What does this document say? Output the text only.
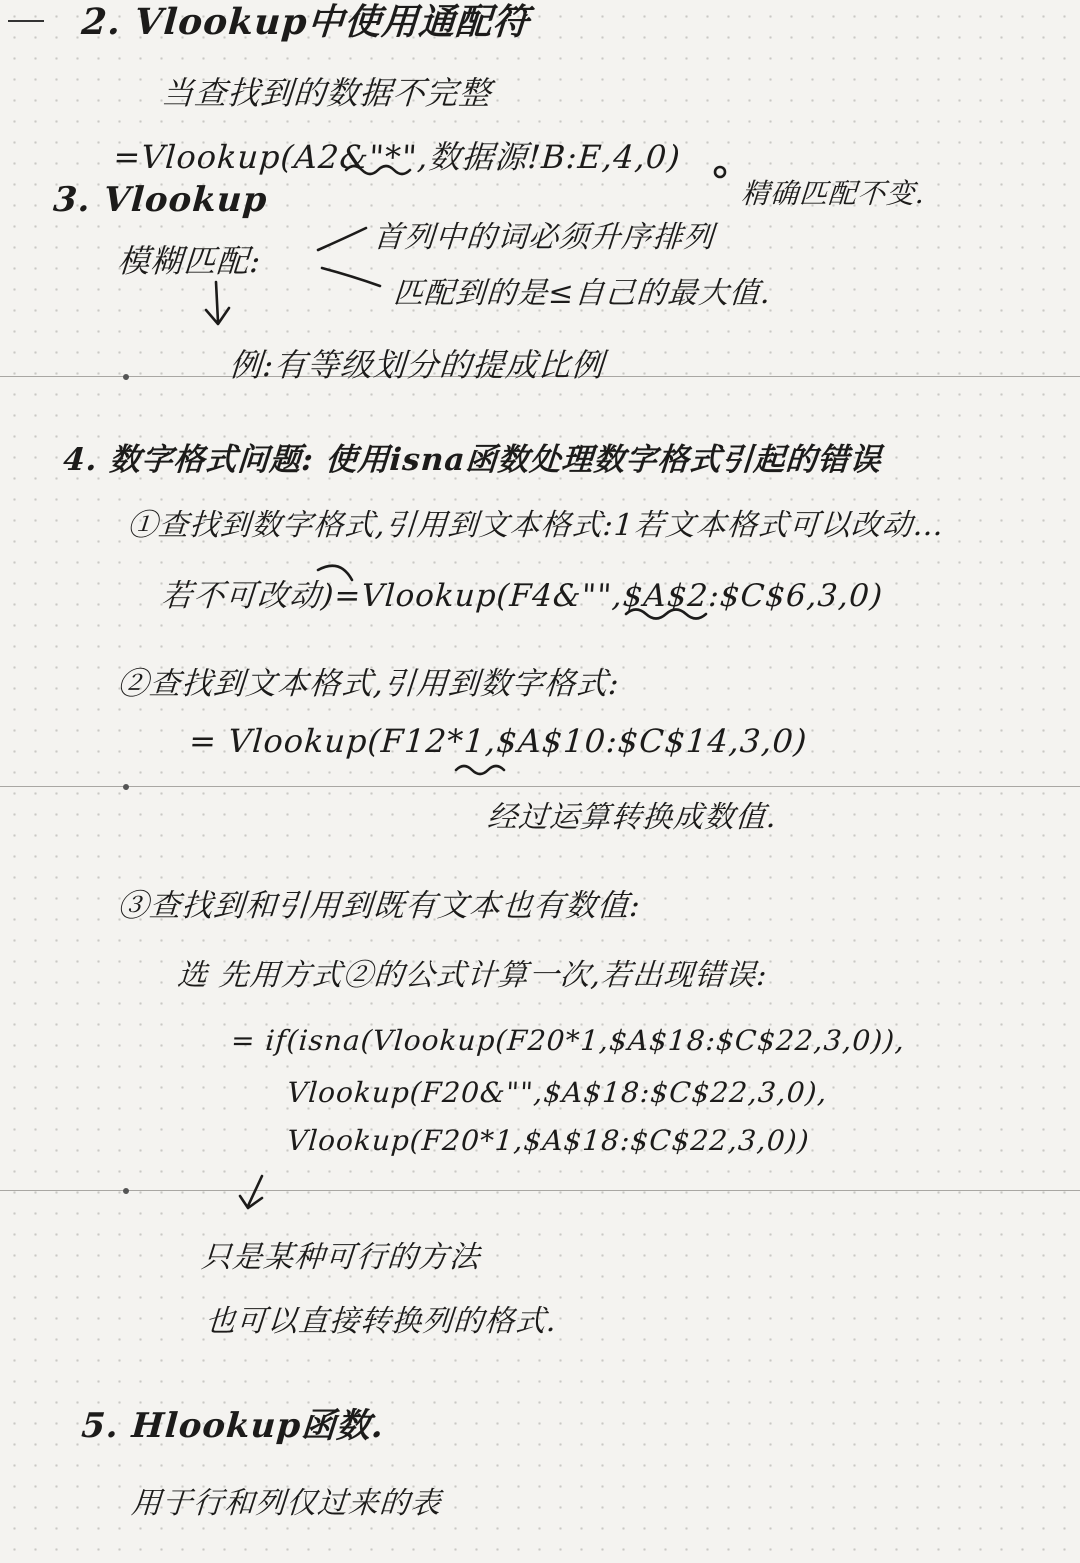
2. Vlookup中使用通配符
当查找到的数据不完整
=Vlookup(A2&"*",数据源!B:E,4,0)
精确匹配不变.
3. Vlookup
模糊匹配:
首列中的词必须升序排列
匹配到的是≤自己的最大值.
例:有等级划分的提成比例
4. 数字格式问题: 使用isna函数处理数字格式引起的错误
①查找到数字格式,引用到文本格式:1若文本格式可以改动…
若不可改动)=Vlookup(F4&"",$A$2:$C$6,3,0)
②查找到文本格式,引用到数字格式:
= Vlookup(F12*1,$A$10:$C$14,3,0)
经过运算转换成数值.
③查找到和引用到既有文本也有数值:
选 先用方式②的公式计算一次,若出现错误:
= if(isna(Vlookup(F20*1,$A$18:$C$22,3,0)),
Vlookup(F20&"",$A$18:$C$22,3,0),
Vlookup(F20*1,$A$18:$C$22,3,0))
只是某种可行的方法
也可以直接转换列的格式.
5. Hlookup函数.
用于行和列仅过来的表
